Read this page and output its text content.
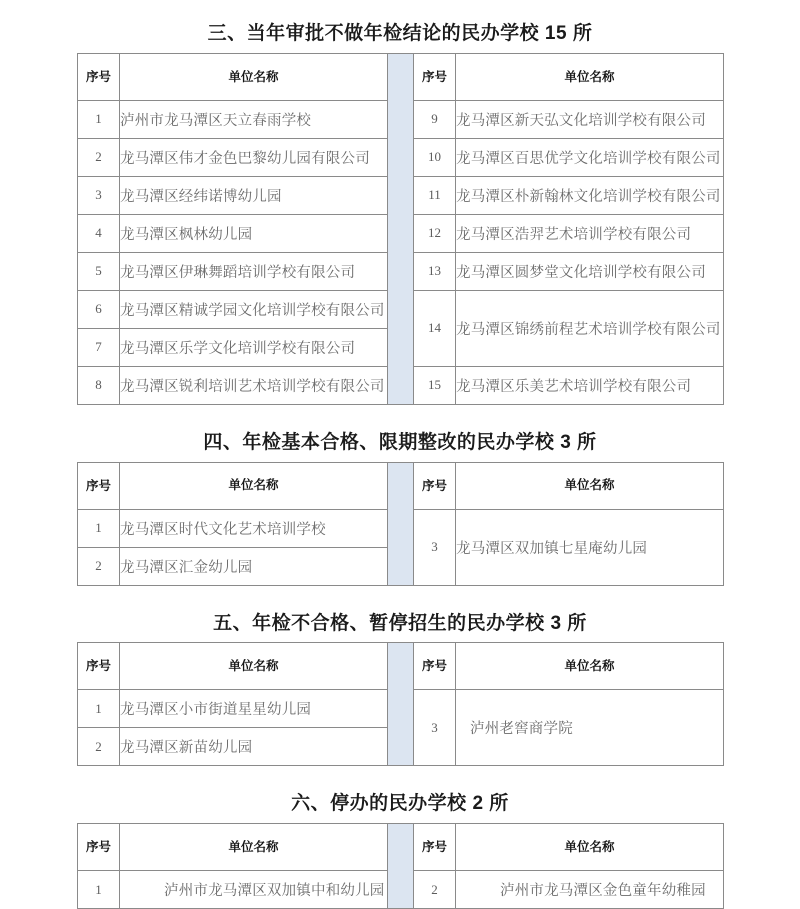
三、当年审批不做年检结论的民办学校 15 所
序号	单位名称		序号	单位名称
1	泸州市龙马潭区天立春雨学校		9	龙马潭区新天弘文化培训学校有限公司
2	龙马潭区伟才金色巴黎幼儿园有限公司		10	龙马潭区百思优学文化培训学校有限公司
3	龙马潭区经纬诺博幼儿园		11	龙马潭区朴新翰林文化培训学校有限公司
4	龙马潭区枫林幼儿园		12	龙马潭区浩羿艺术培训学校有限公司
5	龙马潭区伊琳舞蹈培训学校有限公司		13	龙马潭区圆梦堂文化培训学校有限公司
6	龙马潭区精诚学园文化培训学校有限公司		14	龙马潭区锦绣前程艺术培训学校有限公司
7	龙马潭区乐学文化培训学校有限公司			
8	龙马潭区锐利培训艺术培训学校有限公司		15	龙马潭区乐美艺术培训学校有限公司
四、年检基本合格、限期整改的民办学校 3 所
序号	单位名称		序号	单位名称
1	龙马潭区时代文化艺术培训学校		3	龙马潭区双加镇七星庵幼儿园
2	龙马潭区汇金幼儿园			
五、年检不合格、暂停招生的民办学校 3 所
序号	单位名称		序号	单位名称
1	龙马潭区小市街道星星幼儿园		3	泸州老窖商学院
2	龙马潭区新苗幼儿园			
六、停办的民办学校 2 所
序号	单位名称		序号	单位名称
1	泸州市龙马潭区双加镇中和幼儿园		2	泸州市龙马潭区金色童年幼稚园
